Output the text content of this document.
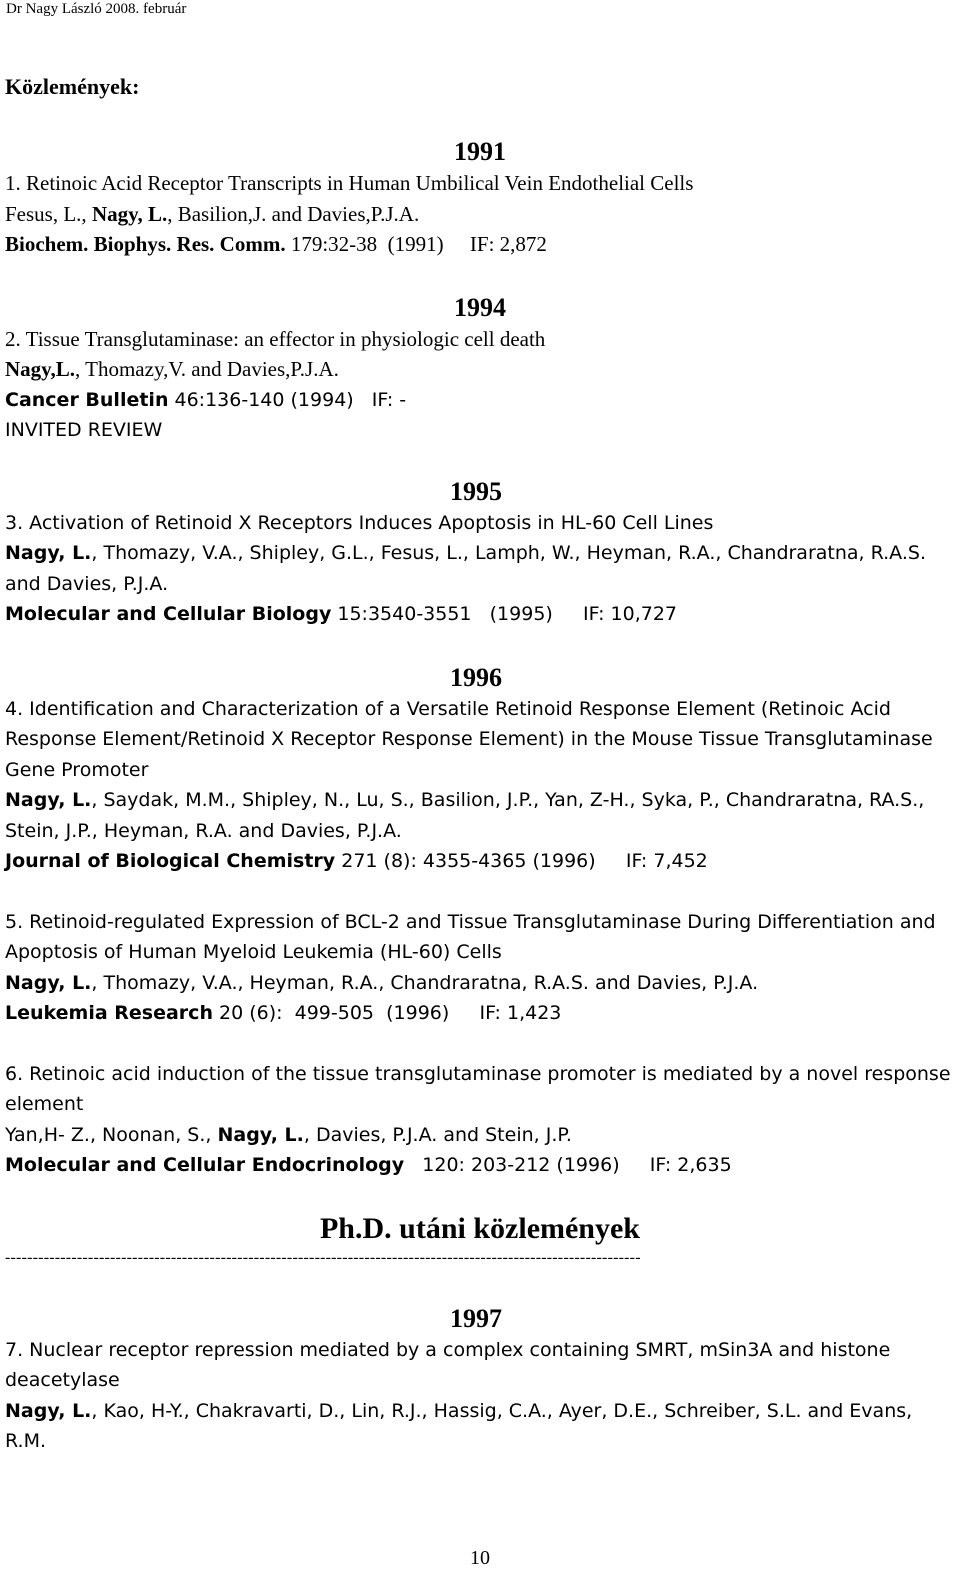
Dr Nagy László 2008. február
Közlemények:
1991
1. Retinoic Acid Receptor Transcripts in Human Umbilical Vein Endothelial Cells
Fesus, L., Nagy, L., Basilion,J. and Davies,P.J.A.
Biochem. Biophys. Res. Comm. 179:32-38  (1991)     IF: 2,872
1994
2. Tissue Transglutaminase: an effector in physiologic cell death
Nagy,L., Thomazy,V. and Davies,P.J.A.
Cancer Bulletin 46:136-140 (1994)   IF: -
INVITED REVIEW
1995
3. Activation of Retinoid X Receptors Induces Apoptosis in HL-60 Cell Lines
Nagy, L., Thomazy, V.A., Shipley, G.L., Fesus, L., Lamph, W., Heyman, R.A., Chandraratna, R.A.S. and Davies, P.J.A.
Molecular and Cellular Biology 15:3540-3551   (1995)     IF: 10,727
1996
4. Identification and Characterization of a Versatile Retinoid Response Element (Retinoic Acid Response Element/Retinoid X Receptor Response Element) in the Mouse Tissue Transglutaminase Gene Promoter
Nagy, L., Saydak, M.M., Shipley, N., Lu, S., Basilion, J.P., Yan, Z-H., Syka, P., Chandraratna, RA.S., Stein, J.P., Heyman, R.A. and Davies, P.J.A.
Journal of Biological Chemistry 271 (8): 4355-4365 (1996)     IF: 7,452
5. Retinoid-regulated Expression of BCL-2 and Tissue Transglutaminase During Differentiation and Apoptosis of Human Myeloid Leukemia (HL-60) Cells
Nagy, L., Thomazy, V.A., Heyman, R.A., Chandraratna, R.A.S. and Davies, P.J.A.
Leukemia Research 20 (6):  499-505  (1996)     IF: 1,423
6. Retinoic acid induction of the tissue transglutaminase promoter is mediated by a novel response element
Yan,H- Z., Noonan, S., Nagy, L., Davies, P.J.A. and Stein, J.P.
Molecular and Cellular Endocrinology   120: 203-212 (1996)     IF: 2,635
Ph.D. utáni közlemények
-------------------------------------------------------------------------------------------------------------------
1997
7. Nuclear receptor repression mediated by a complex containing SMRT, mSin3A and histone deacetylase
Nagy, L., Kao, H-Y., Chakravarti, D., Lin, R.J., Hassig, C.A., Ayer, D.E., Schreiber, S.L. and Evans, R.M.
10
